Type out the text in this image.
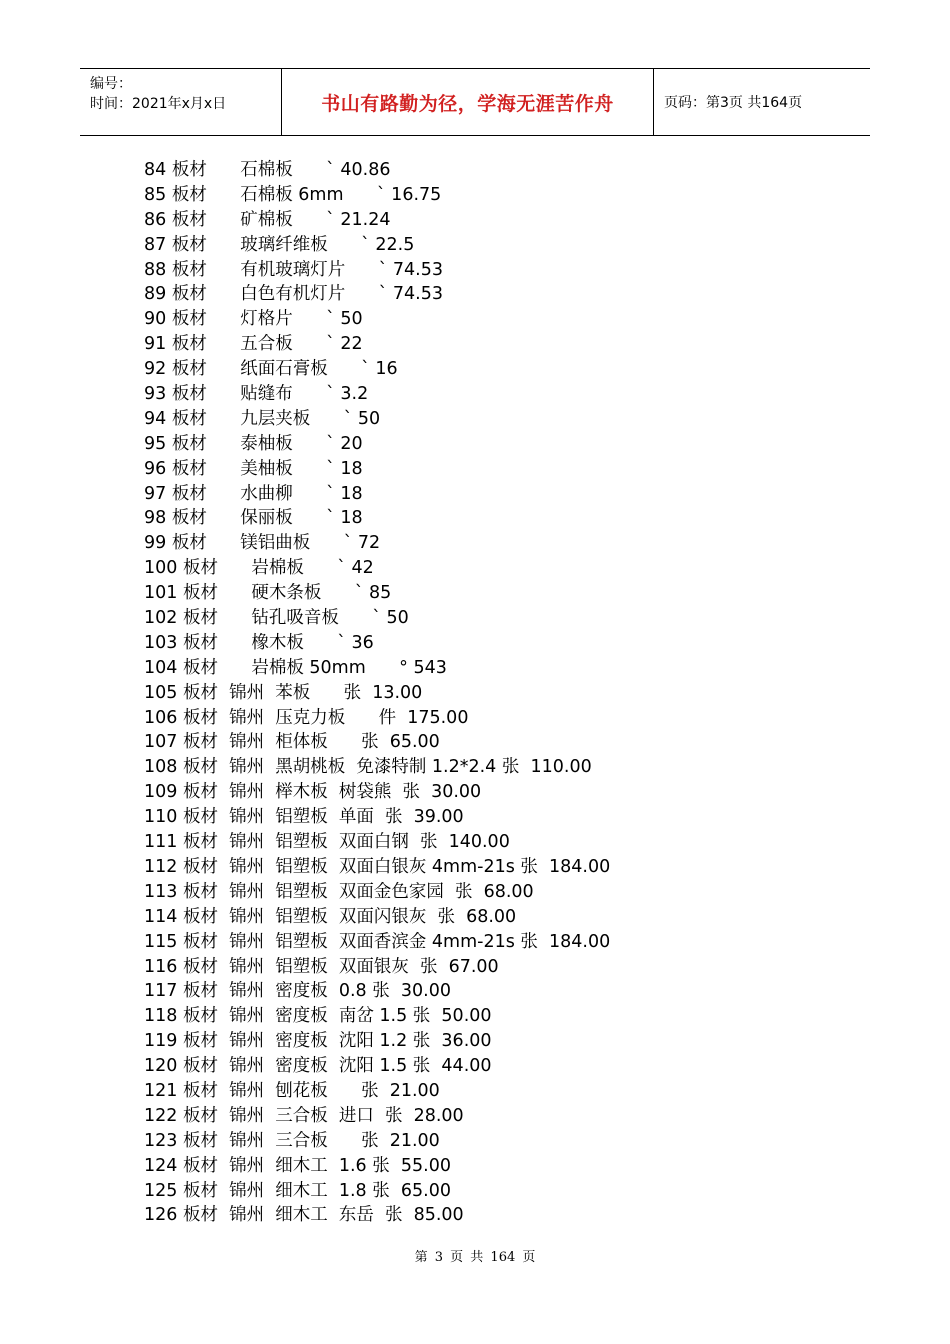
编号：
时间：2021年x月x日	书山有路勤为径，学海无涯苦作舟	页码：第3页 共164页
84 板材      石棉板      ` 40.86
85 板材      石棉板 6mm      ` 16.75
86 板材      矿棉板      ` 21.24
87 板材      玻璃纤维板      ` 22.5
88 板材      有机玻璃灯片      ` 74.53
89 板材      白色有机灯片      ` 74.53
90 板材      灯格片      ` 50
91 板材      五合板      ` 22
92 板材      纸面石膏板      ` 16
93 板材      贴缝布      ` 3.2
94 板材      九层夹板      ` 50
95 板材      泰柚板      ` 20
96 板材      美柚板      ` 18
97 板材      水曲柳      ` 18
98 板材      保丽板      ` 18
99 板材      镁铝曲板      ` 72
100 板材      岩棉板      ` 42
101 板材      硬木条板      ` 85
102 板材      钻孔吸音板      ` 50
103 板材      橡木板      ` 36
104 板材      岩棉板 50mm      ° 543
105 板材  锦州  苯板      张  13.00
106 板材  锦州  压克力板      件  175.00
107 板材  锦州  柜体板      张  65.00
108 板材  锦州  黑胡桃板  免漆特制 1.2*2.4 张  110.00
109 板材  锦州  榉木板  树袋熊  张  30.00
110 板材  锦州  铝塑板  单面  张  39.00
111 板材  锦州  铝塑板  双面白钢  张  140.00
112 板材  锦州  铝塑板  双面白银灰 4mm-21s 张  184.00
113 板材  锦州  铝塑板  双面金色家园  张  68.00
114 板材  锦州  铝塑板  双面闪银灰  张  68.00
115 板材  锦州  铝塑板  双面香滨金 4mm-21s 张  184.00
116 板材  锦州  铝塑板  双面银灰  张  67.00
117 板材  锦州  密度板  0.8 张  30.00
118 板材  锦州  密度板  南岔 1.5 张  50.00
119 板材  锦州  密度板  沈阳 1.2 张  36.00
120 板材  锦州  密度板  沈阳 1.5 张  44.00
121 板材  锦州  刨花板      张  21.00
122 板材  锦州  三合板  进口  张  28.00
123 板材  锦州  三合板      张  21.00
124 板材  锦州  细木工  1.6 张  55.00
125 板材  锦州  细木工  1.8 张  65.00
126 板材  锦州  细木工  东岳  张  85.00
第 3 页 共 164 页
